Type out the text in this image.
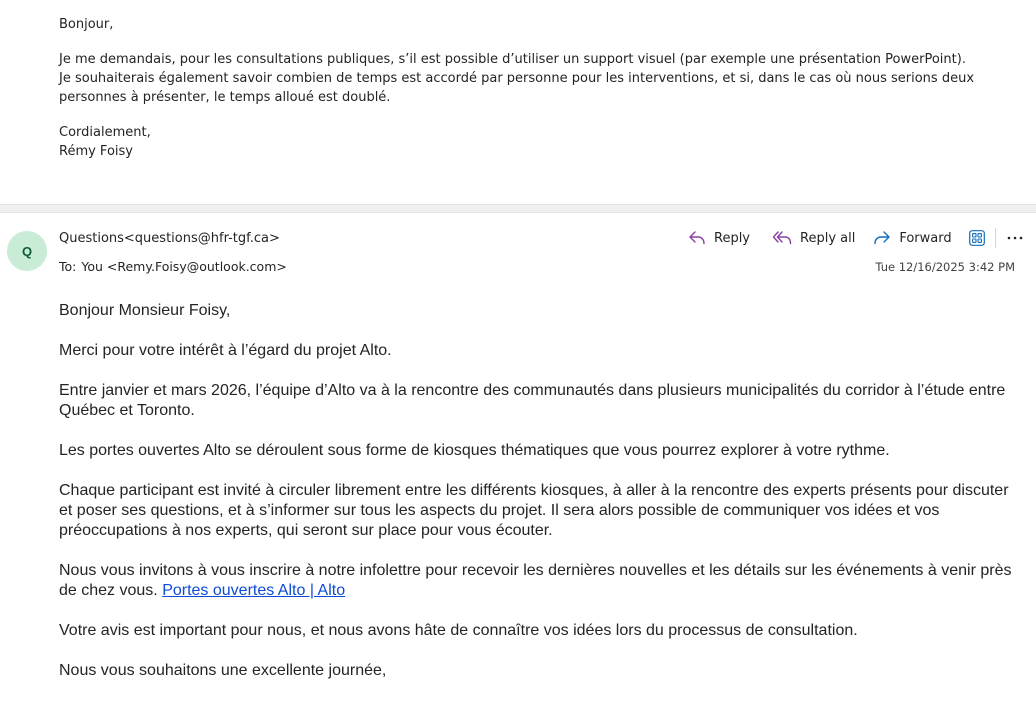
Bonjour,

Je me demandais, pour les consultations publiques, s’il est possible d’utiliser un support visuel (par exemple une présentation PowerPoint).

Je souhaiterais également savoir combien de temps est accordé par personne pour les interventions, et si, dans le cas où nous serions deux

personnes à présenter, le temps alloué est doublé.

Cordialement,

Rémy Foisy

Q
Questions<questions@hfr-tgf.ca>
To: You <Remy.Foisy@outlook.com>
Reply	Reply all	Forward
Tue 12/16/2025 3:42 PM

Bonjour Monsieur Foisy,

Merci pour votre intérêt à l’égard du projet Alto.

Entre janvier et mars 2026, l’équipe d’Alto va à la rencontre des communautés dans plusieurs municipalités du corridor à l’étude entre Québec et Toronto.

Les portes ouvertes Alto se déroulent sous forme de kiosques thématiques que vous pourrez explorer à votre rythme.

Chaque participant est invité à circuler librement entre les différents kiosques, à aller à la rencontre des experts présents pour discuter et poser ses questions, et à s’informer sur tous les aspects du projet. Il sera alors possible de communiquer vos idées et vos préoccupations à nos experts, qui seront sur place pour vous écouter.

Nous vous invitons à vous inscrire à notre infolettre pour recevoir les dernières nouvelles et les détails sur les événements à venir près de chez vous. Portes ouvertes Alto | Alto

Votre avis est important pour nous, et nous avons hâte de connaître vos idées lors du processus de consultation.

Nous vous souhaitons une excellente journée,
